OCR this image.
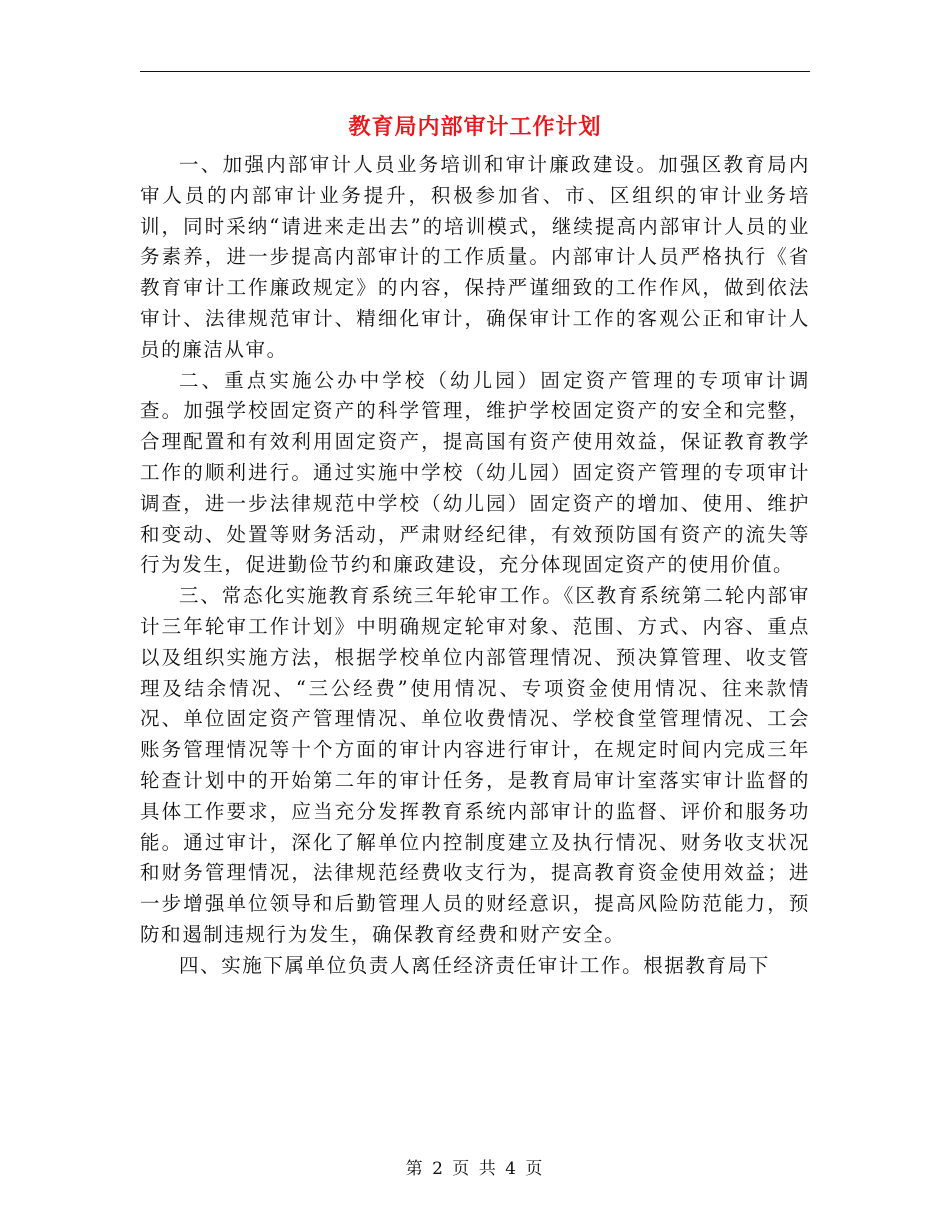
教育局内部审计工作计划

一、加强内部审计人员业务培训和审计廉政建设。加强区教育局内审人员的内部审计业务提升，积极参加省、市、区组织的审计业务培训，同时采纳“请进来走出去”的培训模式，继续提高内部审计人员的业务素养，进一步提高内部审计的工作质量。内部审计人员严格执行《省教育审计工作廉政规定》的内容，保持严谨细致的工作作风，做到依法审计、法律规范审计、精细化审计，确保审计工作的客观公正和审计人员的廉洁从审。

二、重点实施公办中学校（幼儿园）固定资产管理的专项审计调查。加强学校固定资产的科学管理，维护学校固定资产的安全和完整，合理配置和有效利用固定资产，提高国有资产使用效益，保证教育教学工作的顺利进行。通过实施中学校（幼儿园）固定资产管理的专项审计调查，进一步法律规范中学校（幼儿园）固定资产的增加、使用、维护和变动、处置等财务活动，严肃财经纪律，有效预防国有资产的流失等行为发生，促进勤俭节约和廉政建设，充分体现固定资产的使用价值。

三、常态化实施教育系统三年轮审工作。《区教育系统第二轮内部审计三年轮审工作计划》中明确规定轮审对象、范围、方式、内容、重点以及组织实施方法，根据学校单位内部管理情况、预决算管理、收支管理及结余情况、“三公经费”使用情况、专项资金使用情况、往来款情况、单位固定资产管理情况、单位收费情况、学校食堂管理情况、工会账务管理情况等十个方面的审计内容进行审计，在规定时间内完成三年轮查计划中的开始第二年的审计任务，是教育局审计室落实审计监督的具体工作要求，应当充分发挥教育系统内部审计的监督、评价和服务功能。通过审计，深化了解单位内控制度建立及执行情况、财务收支状况和财务管理情况，法律规范经费收支行为，提高教育资金使用效益；进一步增强单位领导和后勤管理人员的财经意识，提高风险防范能力，预防和遏制违规行为发生，确保教育经费和财产安全。

四、实施下属单位负责人离任经济责任审计工作。根据教育局下

第 2 页 共 4 页
